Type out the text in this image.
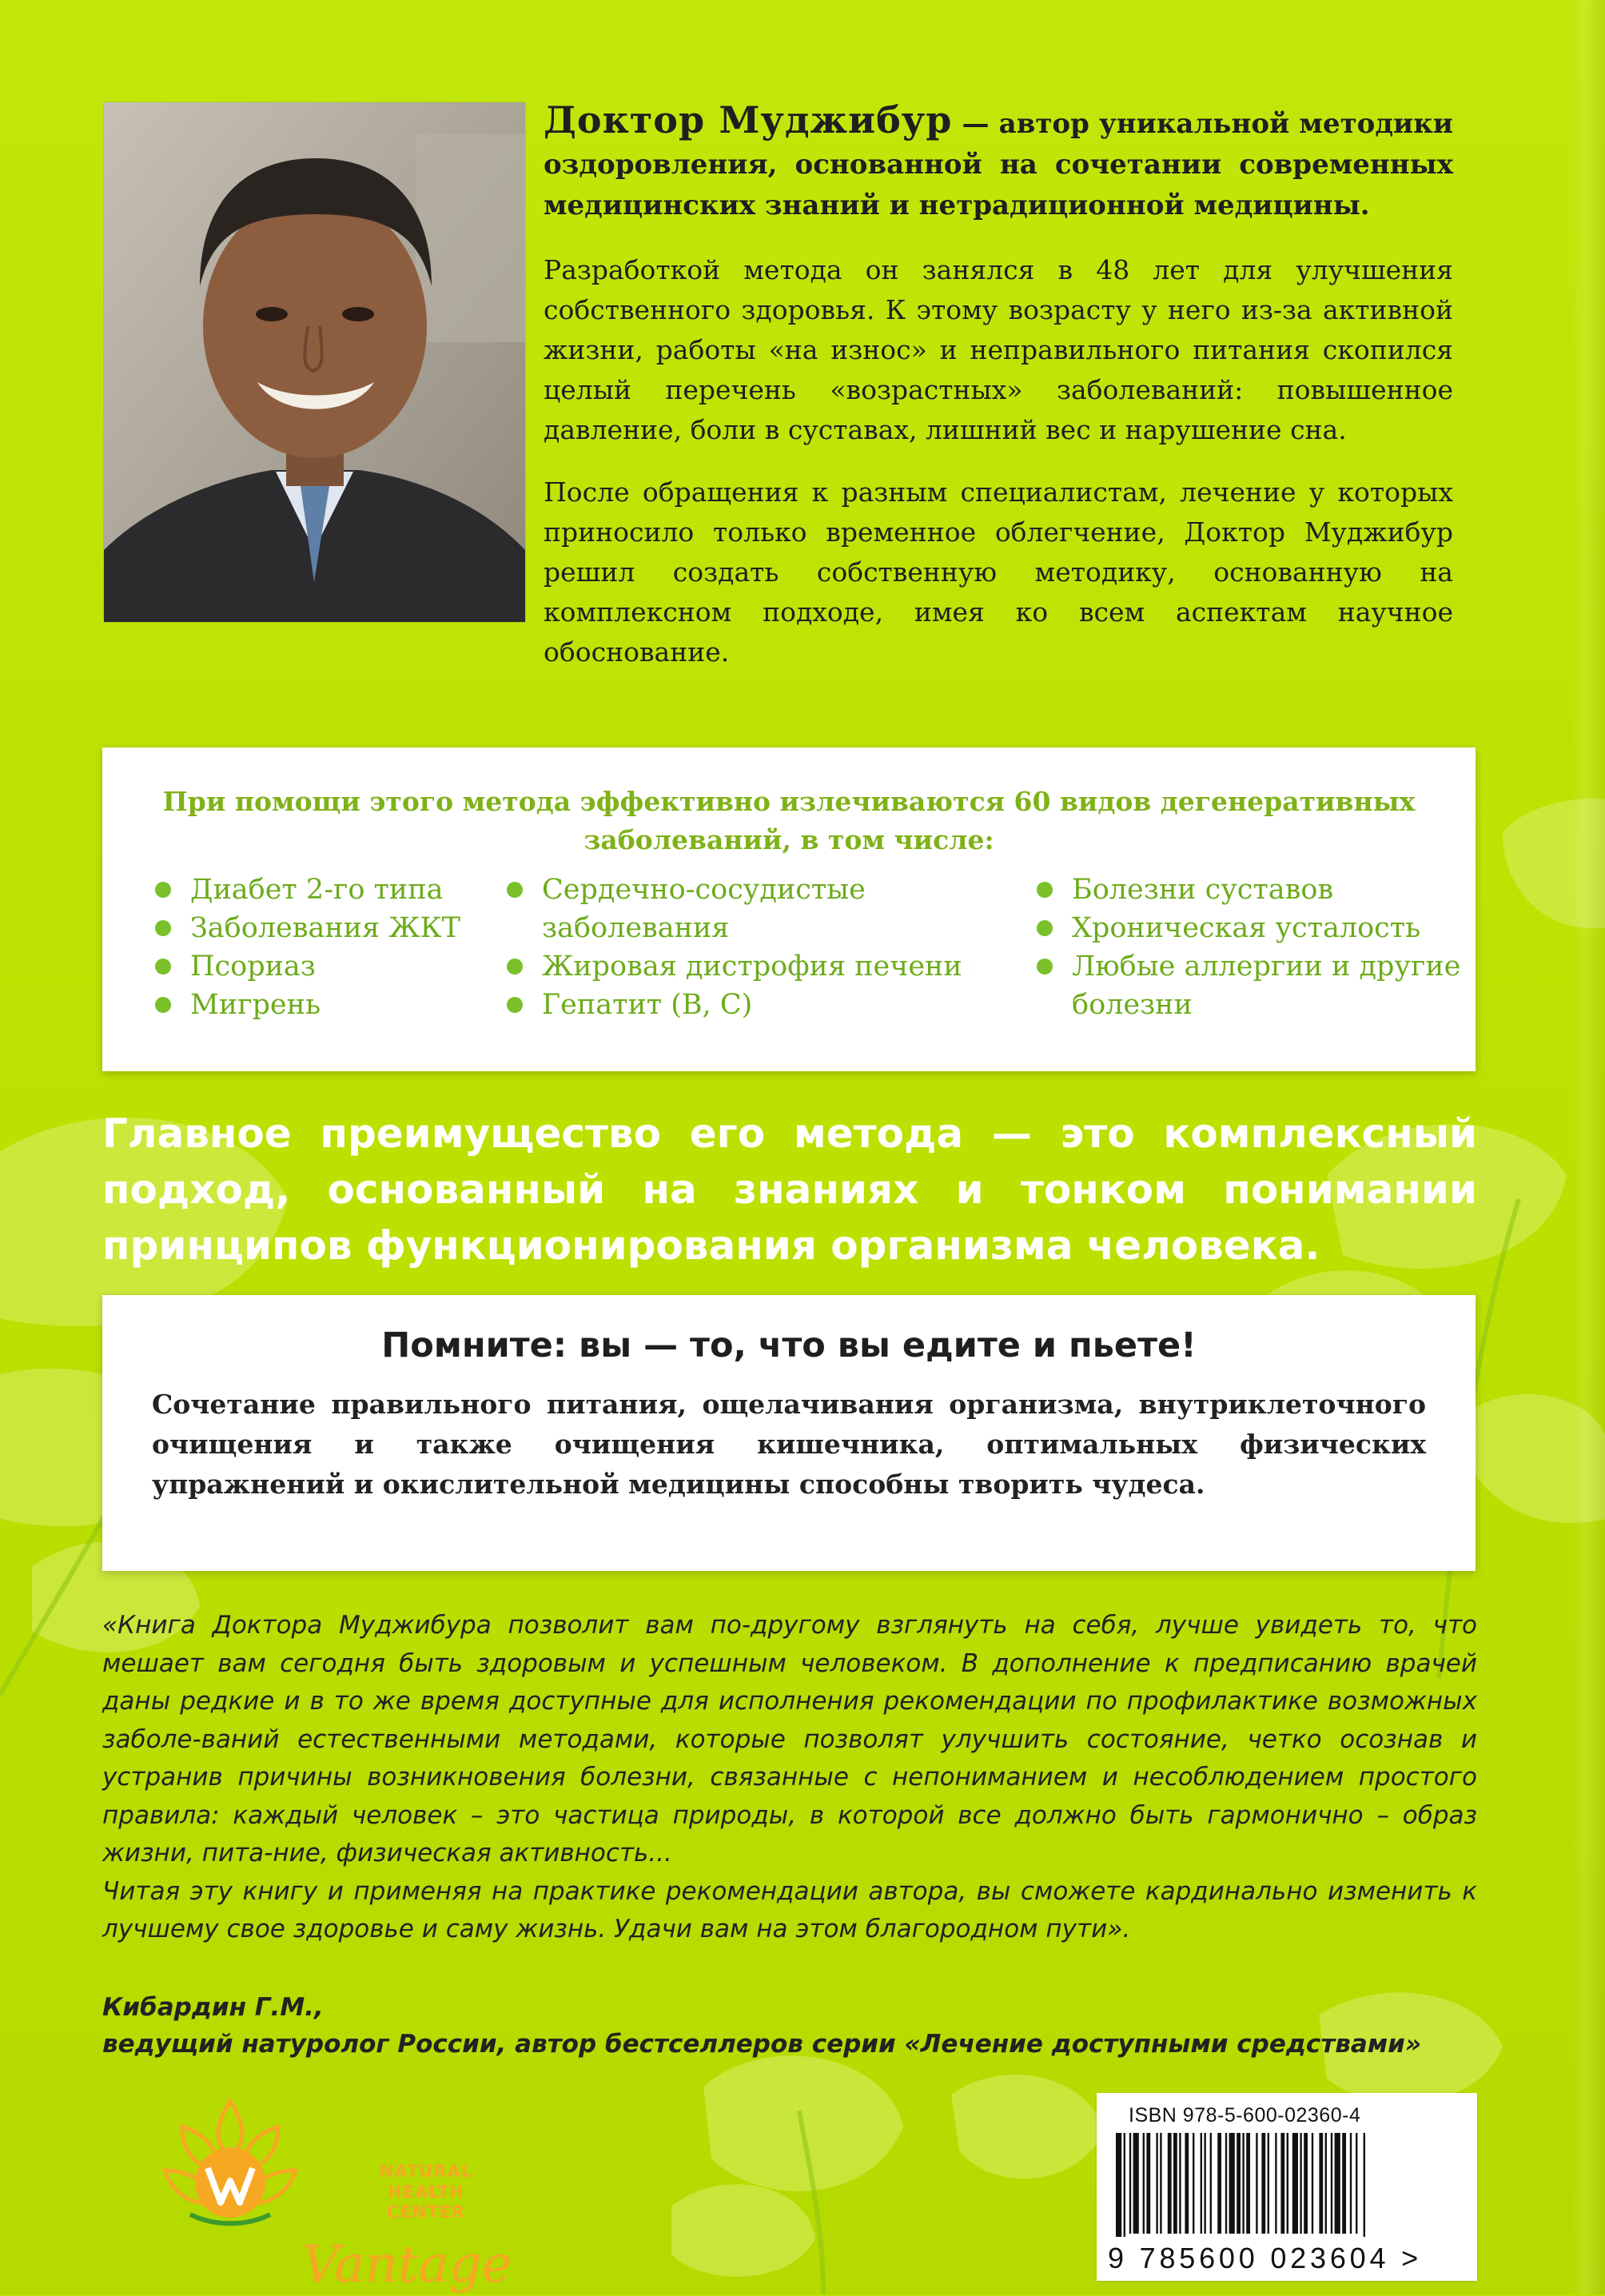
Доктор Муджибур — автор уникальной методики оздоровления, основанной на сочетании современных медицинских знаний и нетрадиционной медицины.

Разработкой метода он занялся в 48 лет для улучшения собственного здоровья. К этому возрасту у него из-за активной жизни, работы «на износ» и неправильного питания скопился целый перечень «возрастных» заболеваний: повышенное давление, боли в суставах, лишний вес и нарушение сна.

После обращения к разным специалистам, лечение у которых приносило только временное облегчение, Доктор Муджибур решил создать собственную методику, основанную на комплексном подходе, имея ко всем аспектам научное обоснование.

При помощи этого метода эффективно излечиваются 60 видов дегенеративных заболеваний, в том числе:

Диабет 2-го типа
Заболевания ЖКТ
Псориаз
Мигрень
Сердечно-сосудистые заболевания
Жировая дистрофия печени
Гепатит (B, C)
Болезни суставов
Хроническая усталость
Любые аллергии и другие болезни

Главное преимущество его метода — это комплексный подход, основанный на знаниях и тонком понимании принципов функционирования организма человека.

Помните: вы — то, что вы едите и пьете!

Сочетание правильного питания, ощелачивания организма, внутриклеточного очищения и также очищения кишечника, оптимальных физических упражнений и окислительной медицины способны творить чудеса.

«Книга Доктора Муджибура позволит вам по-другому взглянуть на себя, лучше увидеть то, что мешает вам сегодня быть здоровым и успешным человеком. В дополнение к предписанию врачей даны редкие и в то же время доступные для исполнения рекомендации по профилактике возможных заболе-ваний естественными методами, которые позволят улучшить состояние, четко осознав и устранив причины возникновения болезни, связанные с непониманием и несоблюдением простого правила: каждый человек – это частица природы, в которой все должно быть гармонично – образ жизни, пита-ние, физическая активность...

Читая эту книгу и применяя на практике рекомендации автора, вы сможете кардинально изменить к лучшему свое здоровье и саму жизнь. Удачи вам на этом благородном пути».

Кибардин Г.М.,
ведущий натуролог России, автор бестселлеров серии «Лечение доступными средствами»

Vantage

NATURAL
HEALTH CENTER

ISBN 978-5-600-02360-4

9 785600 023604 >
